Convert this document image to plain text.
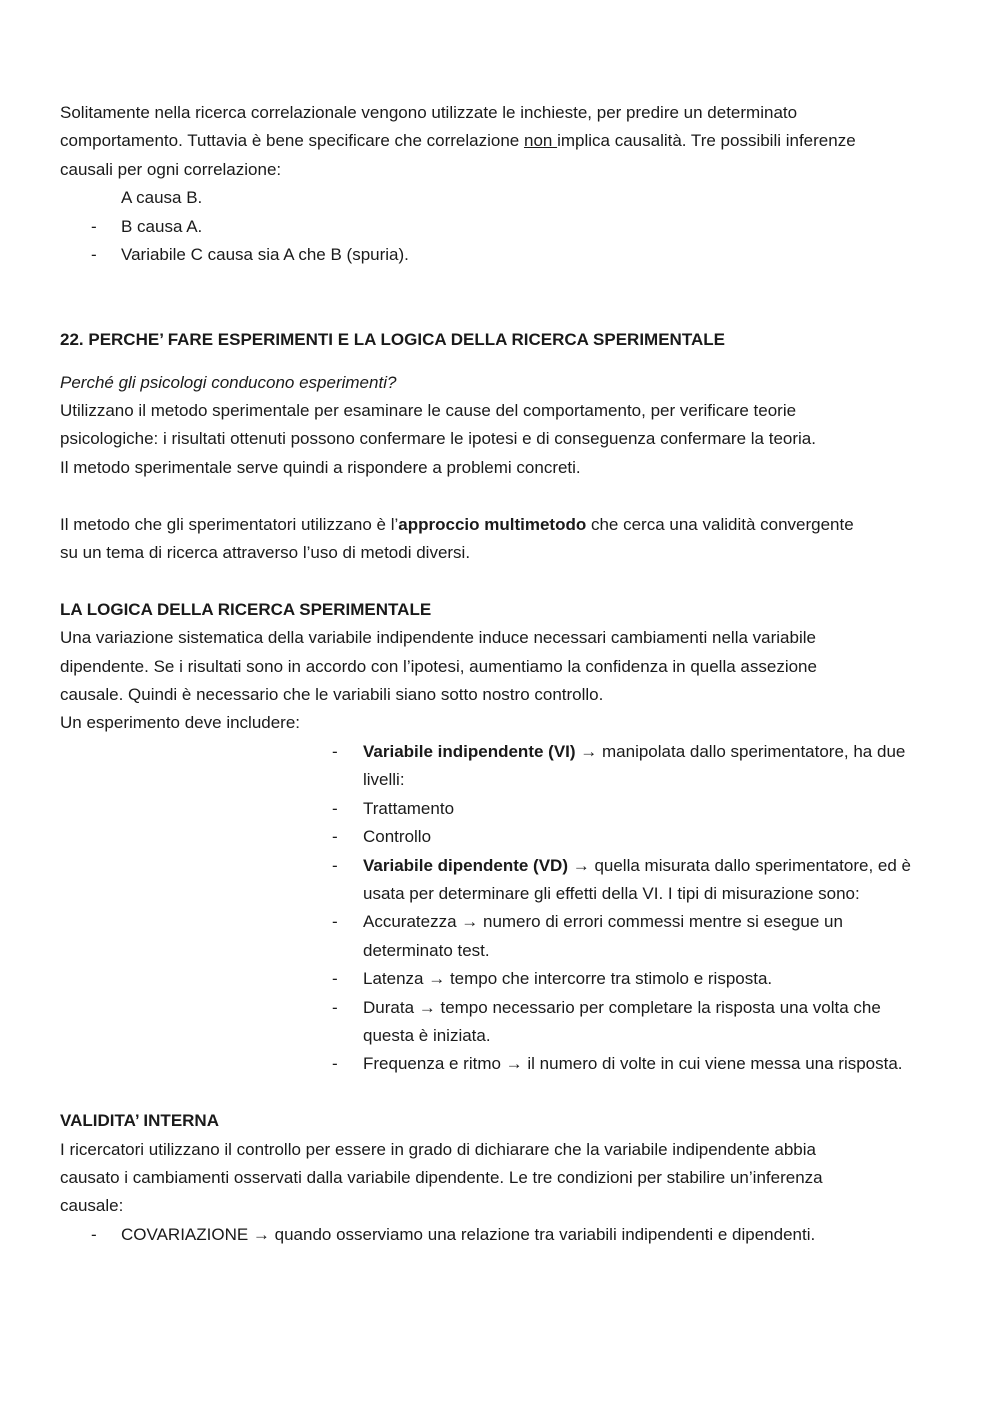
Solitamente nella ricerca correlazionale vengono utilizzate le inchieste, per predire un determinato
comportamento. Tuttavia è bene specificare che correlazione non implica causalità. Tre possibili inferenze
causali per ogni correlazione:
A causa B.
-	B causa A.
-	Variabile C causa sia A che B (spuria).
22. PERCHE’ FARE ESPERIMENTI E LA LOGICA DELLA RICERCA SPERIMENTALE
Perché gli psicologi conducono esperimenti?
Utilizzano il metodo sperimentale per esaminare le cause del comportamento, per verificare teorie
psicologiche: i risultati ottenuti possono confermare le ipotesi e di conseguenza confermare la teoria.
Il metodo sperimentale serve quindi a rispondere a problemi concreti.
Il metodo che gli sperimentatori utilizzano è l’approccio multimetodo che cerca una validità convergente
su un tema di ricerca attraverso l’uso di metodi diversi.
LA LOGICA DELLA RICERCA SPERIMENTALE
Una variazione sistematica della variabile indipendente induce necessari cambiamenti nella variabile
dipendente. Se i risultati sono in accordo con l’ipotesi, aumentiamo la confidenza in quella assezione
causale. Quindi è necessario che le variabili siano sotto nostro controllo.
Un esperimento deve includere:
-	Variabile indipendente (VI) → manipolata dallo sperimentatore, ha due livelli:
-	Trattamento
-	Controllo
-	Variabile dipendente (VD) → quella misurata dallo sperimentatore, ed è usata per determinare gli effetti della VI. I tipi di misurazione sono:
-	Accuratezza → numero di errori commessi mentre si esegue un determinato test.
-	Latenza → tempo che intercorre tra stimolo e risposta.
-	Durata → tempo necessario per completare la risposta una volta che questa è iniziata.
-	Frequenza e ritmo → il numero di volte in cui viene messa una risposta.
VALIDITA’ INTERNA
I ricercatori utilizzano il controllo per essere in grado di dichiarare che la variabile indipendente abbia
causato i cambiamenti osservati dalla variabile dipendente. Le tre condizioni per stabilire un’inferenza
causale:
-	COVARIAZIONE → quando osserviamo una relazione tra variabili indipendenti e dipendenti.
